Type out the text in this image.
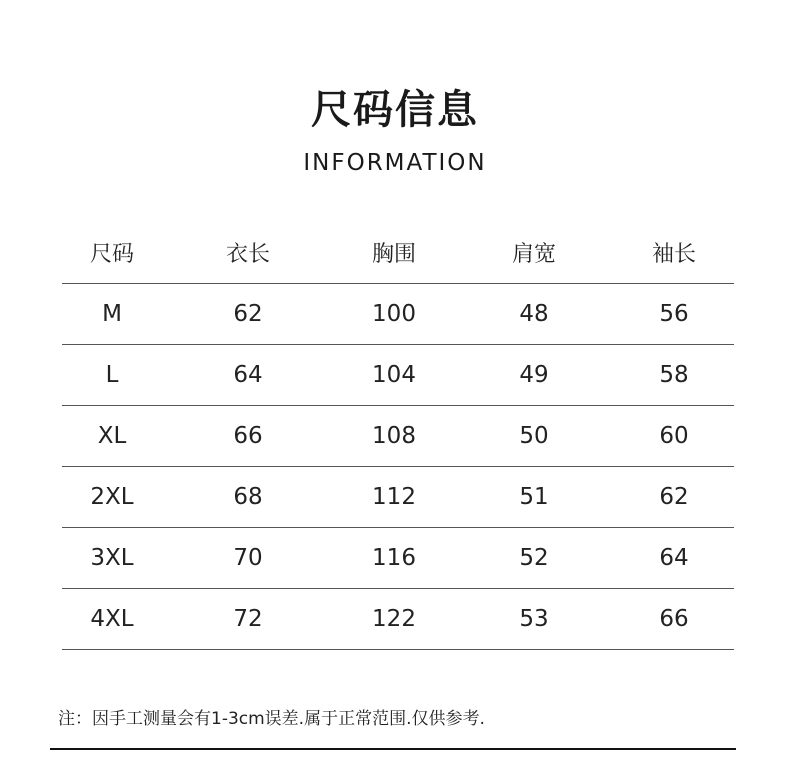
尺码信息
INFORMATION
尺码	衣长	胸围	肩宽	袖长
M	62	100	48	56
L	64	104	49	58
XL	66	108	50	60
2XL	68	112	51	62
3XL	70	116	52	64
4XL	72	122	53	66
注：因手工测量会有1-3cm误差.属于正常范围.仅供参考.
